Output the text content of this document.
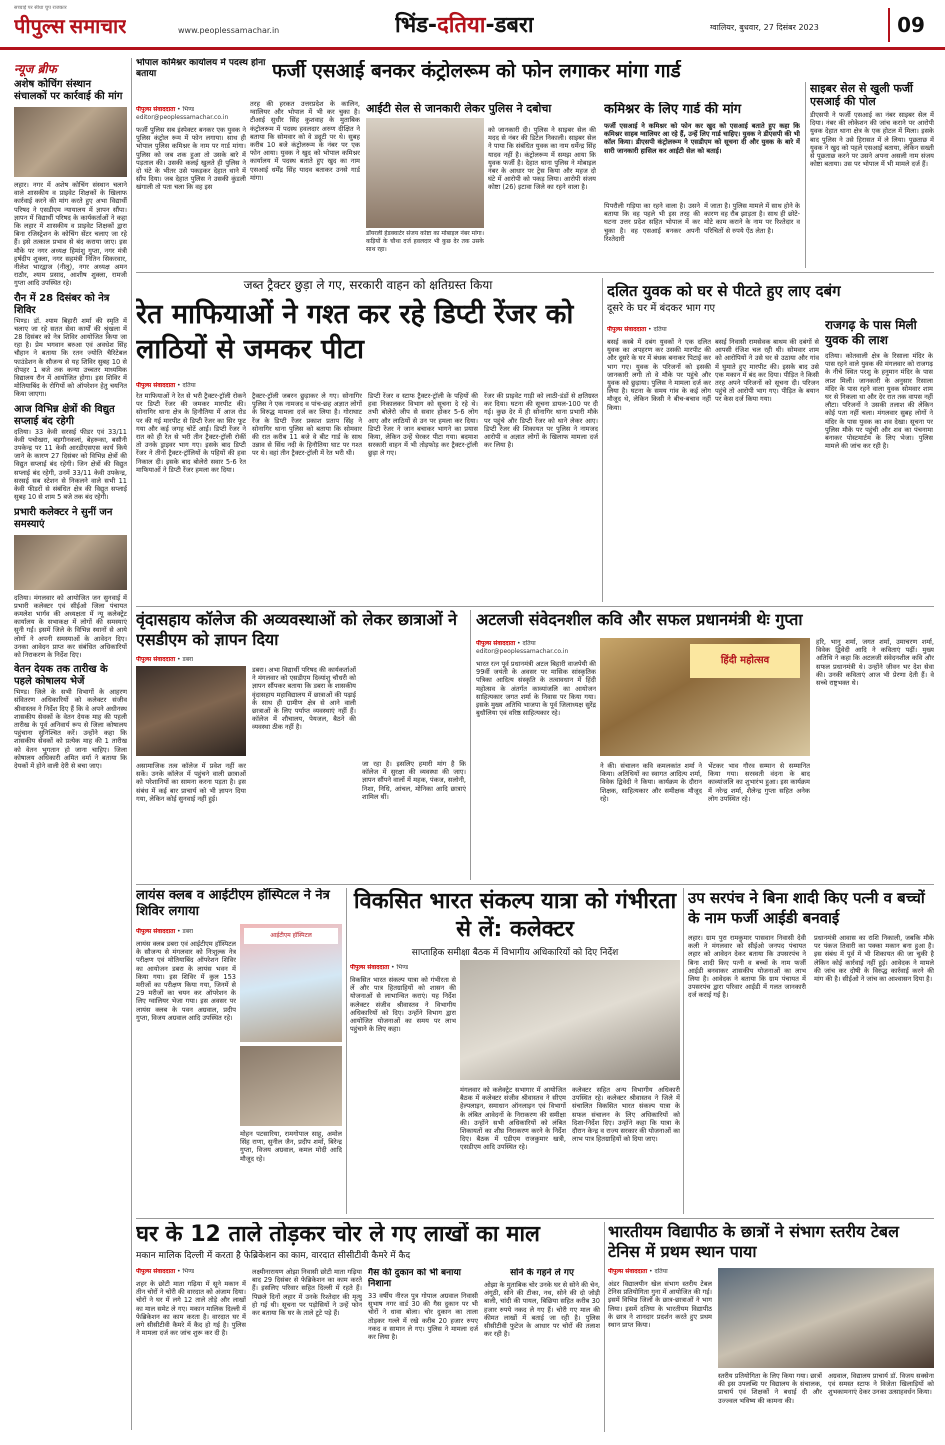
पीपुल्स समाचार
सच्चाई पर सीधा चुप राजकार
www.peoplessamachar.in	भिंड-दतिया-डबरा	ग्वालियर, बुधवार, 27 दिसंबर 2023	09
न्यूज ब्रीफ
अशेष कोचिंग संस्थान संचालकों पर कार्रवाई की मांग
लहार। नगर में अशेष कोचिंग संस्थान चलाने वाले शासकीय व प्राइवेट शिक्षकों के खिलाफ कार्रवाई करने की मांग करते हुए अभा विद्यार्थी परिषद ने एसडीएम न्यायालय में ज्ञापन सौंपा। ज्ञापन में विद्यार्थी परिषद के कार्यकर्ताओं ने कहा कि लहार में शासकीय व प्राइवेट शिक्षकों द्वारा बिना रजिस्ट्रेशन के कोचिंग सेंटर चलाए जा रहे हैं। इसे तत्काल प्रभाव से बंद कराया जाए। इस मौके पर नगर अध्यक्ष हिमांशु गुप्ता, नगर मंत्री हर्षदीप शुक्ला, नगर सहमंत्री नितिन सिकरवार, नीलेश भारद्वाज (नीलू), नगर अध्यक्ष अमन राठौर, श्याम प्रसाद, आशीष शुक्ला, रामजी गुप्ता आदि उपस्थित रहे।
रौन में 28 दिसंबर को नेत्र शिविर
भिण्ड। डॉ. श्याम बिहारी शर्मा की स्मृति में चलाए जा रहे सतत सेवा कार्यों की श्रृंखला में 28 दिसंबर को नेत्र शिविर आयोजित किया जा रहा है। प्रेम भगवान बरुआ एवं अवधेश सिंह चौहान ने बताया कि रतन ज्योति चैरिटेबल फाउंडेशन के सौजन्य से यह शिविर सुबह 10 से दोपहर 1 बजे तक कन्या उच्चतर माध्यमिक विद्यालय रौन में आयोजित होगा। इस शिविर में मोतियाबिंद के रोगियों को ऑपरेशन हेतु चयनित किया जाएगा।
आज विभिन्न क्षेत्रों की विद्युत सप्लाई बंद रहेगी
दतिया। 33 केवी सरसई फीडर एवं 33/11 केवी पचोखरा, बड़गौनकलां, बेहरूका, बसौनी उपकेन्द्र पर 11 केवी आरडीएसएस कार्य किये जाने के कारण 27 दिसंबर को विभिन्न क्षेत्रों की विद्युत सप्लाई बंद रहेगी। जिन क्षेत्रों की विद्युत सप्लाई बंद रहेगी, उनमें 33/11 केवी उपकेन्द्र, सरसई सब स्टेशन से निकलने वाले सभी 11 केवी फीडरों से संबंधित क्षेत्र की विद्युत सप्लाई सुबह 10 से शाम 5 बजे तक बंद रहेगी।
प्रभारी कलेक्टर ने सुनीं जन समस्याएं
दतिया। मंगलवार को आयोजित जन सुनवाई में प्रभारी कलेक्टर एवं सीईओ जिला पंचायत कमलेश भार्गव की अध्यक्षता में न्यू कलेक्ट्रेट कार्यालय के सभाकक्ष में लोगों की समस्याएं सुनी गईं। इसमें जिले के विभिन्न स्थानों से आये लोगों ने अपनी समस्याओं के आवेदन दिए। उनका आवेदन प्राप्त कर संबंधित अधिकारियों को निराकरण के निर्देश दिए।
वेतन देयक तक तारीख के पहले कोषालय भेजें
भिण्ड। जिले के सभी विभागों के आहरण संवितरण अधिकारियों को कलेक्टर संजीव श्रीवास्तव ने निर्देश दिए हैं कि वे अपने अधीनस्थ शासकीय सेवकों के वेतन देयक माह की पहली तारीख के पूर्व अनिवार्य रूप से जिला कोषालय पहुंचाना सुनिश्चित करें। उन्होंने कहा कि शासकीय सेवकों को प्रत्येक माह की 1 तारीख को वेतन भुगतान हो जाना चाहिए। जिला कोषालय अधिकारी अमित वर्मा ने बताया कि देयकों में होने वाली देरी से बचा जाए।
भोपाल कमिश्नर कार्यालय में पदस्थ होना बताया	फर्जी एसआई बनकर कंट्रोलरूम को फोन लगाकर मांगा गार्ड
पीपुल्स संवाददाता • भिण्ड
editor@peoplessamachar.co.in
फर्जी पुलिस सब इंस्पेक्टर बनकर एक युवक ने पुलिस कंट्रोल रूम में फोन लगाया। साथ ही भोपाल पुलिस कमिश्नर के नाम पर गार्ड मांगा। पुलिस को जब शक हुआ तो उसके बारे में पड़ताल की। उसकी कलई खुलते ही पुलिस ने दो घंटे के भीतर उसे पकड़कर देहात थाने में सौंप दिया। जब देहात पुलिस ने उसकी कुंडली खंगाली तो पता चला कि वह इस
तरह की हरकत उत्तरप्रदेश के कालिन, ग्वालियर और भोपाल में भी कर चुका है। टीआई सुधीर सिंह कुशवाह के मुताबिक कंट्रोलरूम में पदस्थ हवलदार अरुण दीक्षित ने बताया कि सोमवार को वे ड्यूटी पर थे। सुबह करीब 10 बजे कंट्रोलरूम के नंबर पर एक फोन आया। युवक ने खुद को भोपाल कमिश्नर कार्यालय में पदस्थ बताते हुए खुद का नाम एसआई धर्मेंद्र सिंह यादव बताकर उनसे गार्ड मांगा।
आईटी सेल से जानकारी लेकर पुलिस ने दबोचा
डॉयरली हेडक्वार्टर संजय कोष्टा का मोबाइल नंबर मांगा। कड़ियों के चौथा दर्ज हवलदार भी कुछ देर तक उसके साथ रहा।
को जानकारी दी। पुलिस ने साइबर सेल की मदद से नंबर की डिटेल निकाली। साइबर सेल ने पाया कि संबंधित युवक का नाम धर्मेन्द्र सिंह यादव नहीं है। कंट्रोलरूम में समझ आया कि युवक फर्जी है। देहात थाना पुलिस ने मोबाइल नंबर के आधार पर ट्रेस किया और महज दो घंटे में आरोपी को पकड़ लिया। आरोपी संजय कोष्टा (26) इटावा जिले का रहने वाला है।
कमिश्नर के लिए गार्ड की मांग
फर्जी एसआई ने कमिश्नर को फोन कर खुद को एसआई बताते हुए कहा कि कमिश्नर साहब ग्वालियर आ रहे हैं, उन्हें लिए गार्ड चाहिए। युवक ने डीएसपी की भी कॉल किया। डीएसपी कंट्रोलरूम ने एसडीएम को सूचना दी और युवक के बारे में सारी जानकारी हासिल कर आईटी सेल को बताई।
पिपरौली गड़िया का रहने वाला है। उसने बताया कि वह पहले भी इस तरह की घटना उत्तर प्रदेश सहित भोपाल में कर चुका है। वह एसआई बनकर अपनी रिश्तेदारी
में जाता है। पुलिस मामले में साथ होने के कारण वह रौब झाड़ता है। साथ ही छोटे-मोटे काम कराने के नाम पर रिश्तेदार व परिचितों से रुपये ऐंठ लेता है।
साइबर सेल से खुली फर्जी एसआई की पोल
डीएसपी ने फर्जी एसआई का नंबर साइबर सेल में दिया। नंबर की लोकेशन की जांच कराने पर आरोपी युवक देहात थाना क्षेत्र के एक होटल में मिला। इसके बाद पुलिस ने उसे हिरासत में ले लिया। पूछताछ में युवक ने खुद को पहले एसआई बताया, लेकिन सख्ती से पूछताछ करने पर उसने अपना असली नाम संजय कोष्टा बताया। उस पर भोपाल में भी मामले दर्ज हैं।
जब्त ट्रैक्टर छुड़ा ले गए, सरकारी वाहन को क्षतिग्रस्त किया
रेत माफियाओं ने गश्त कर रहे डिप्टी रेंजर को लाठियों से जमकर पीटा
पीपुल्स संवाददाता • दतिया
रेत माफियाओं ने रेत से भरी ट्रैक्टर-ट्रॉली रोकने पर डिप्टी रेंजर की जमकर मारपीट की। सोनागिर थाना क्षेत्र के हिनौतिया में आज रोड पर की गई मारपीट से डिप्टी रेंजर का सिर फूट गया और कई जगह चोटें आईं। डिप्टी रेंजर ने रात को ही रेत से भरी तीन ट्रैक्टर-ट्रॉली रोकीं तो उनके ड्राइवर भाग गए। इसके बाद डिप्टी रेंजर ने तीनों ट्रैक्टर-ट्रॉलियों के पहियों की हवा निकाल दी। इसके बाद बोलेरो सवार 5-6 रेत माफियाओं ने डिप्टी रेंजर हमला कर दिया।
ट्रैक्टर-ट्रॉली जबरन छुड़ाकर ले गए। सोनागिर पुलिस ने एक नामजद व पांच-छह अज्ञात लोगों के विरुद्ध मामला दर्ज कर लिया है। गोराघाट रेंज के डिप्टी रेंजर प्रकाश प्रताप सिंह ने सोनागिर थाना पुलिस को बताया कि सोमवार की रात करीब 11 बजे वे बीट गार्ड के साथ उन्नाव से सिंध नदी के हिनौतिया घाट पर गश्त पर थे। वहां तीन ट्रैक्टर-ट्रॉली में रेत भरी थी।
डिप्टी रेंजर व स्टाफ ट्रैक्टर-ट्रॉली के पहियों की हवा निकालकर विभाग को सूचना दे रहे थे। तभी बोलेरो जीप से सवार होकर 5-6 लोग आए और लाठियों से उन पर हमला कर दिया। डिप्टी रेंजर ने जान बचाकर भागने का प्रयास किया, लेकिन उन्हें घेरकर पीटा गया। बदमाश सरकारी वाहन में भी तोड़फोड़ कर ट्रैक्टर-ट्रॉली छुड़ा ले गए।
रेंजर की प्राइवेट गाड़ी को लाठी-डंडों से क्षतिग्रस्त कर दिया। घटना की सूचना डायल-100 पर दी गई। कुछ देर में ही सोनागिर थाना प्रभारी मौके पर पहुंचे और डिप्टी रेंजर को थाने लेकर आए। डिप्टी रेंजर की शिकायत पर पुलिस ने नामजद आरोपी व अज्ञात लोगों के खिलाफ मामला दर्ज कर लिया है।
दलित युवक को घर से पीटते हुए लाए दबंग
दूसरे के घर में बंदकर भाग गए
पीपुल्स संवाददाता • दतिया
बसई कस्बे में दबंग युवकों ने एक दलित युवक का अपहरण कर उसकी मारपीट की और दूसरे के घर में बंधक बनाकर पिटाई कर भाग गए। युवक के परिजनों को इसकी जानकारी लगी तो वे मौके पर पहुंचे और युवक को छुड़ाया। पुलिस ने मामला दर्ज कर लिया है। घटना के समय गांव के कई लोग मौजूद थे, लेकिन किसी ने बीच-बचाव नहीं किया।
बसई निवासी रामसेवक बाथम की दबंगों से आपसी रंजिश चल रही थी। सोमवार शाम को आरोपियों ने उसे घर से उठाया और गांव में घुमाते हुए मारपीट की। इसके बाद उसे एक मकान में बंद कर दिया। पीड़ित ने किसी तरह अपने परिजनों को सूचना दी। परिजन पहुंचे तो आरोपी भाग गए। पीड़ित के बयान पर केस दर्ज किया गया।
राजगढ़ के पास मिली युवक की लाश
दतिया। कोतवाली क्षेत्र के रिसाला मंदिर के पास रहने वाले युवक की मंगलवार को राजगढ़ के नीचे स्थित परशु के हनुमान मंदिर के पास लाश मिली। जानकारी के अनुसार रिसाला मंदिर के पास रहने वाला युवक सोमवार शाम घर से निकला था और देर रात तक वापस नहीं लौटा। परिजनों ने उसकी तलाश की लेकिन कोई पता नहीं चला। मंगलवार सुबह लोगों ने मंदिर के पास युवक का शव देखा। सूचना पर पुलिस मौके पर पहुंची और शव का पंचनामा बनाकर पोस्टमार्टम के लिए भेजा। पुलिस मामले की जांच कर रही है।
वृंदासहाय कॉलेज की अव्यवस्थाओं को लेकर छात्राओं ने एसडीएम को ज्ञापन दिया
पीपुल्स संवाददाता • डबरा
डबरा। अभा विद्यार्थी परिषद की कार्यकर्ताओं ने मंगलवार को एसडीएम दिव्यांशु चौधरी को ज्ञापन सौंपकर बताया कि डबरा के शासकीय वृंदासहाय महाविद्यालय में छात्राओं की पढ़ाई के साथ ही ग्रामीण क्षेत्र से आने वाली छात्राओं के लिए पर्याप्त व्यवस्थाएं नहीं हैं। कॉलेज में शौचालय, पेयजल, बैठने की व्यवस्था ठीक नहीं है।
असामाजिक तत्व कॉलेज में प्रवेश नहीं कर सकें। उनके कॉलेज में पहुंचने वाली छात्राओं को परेशानियों का सामना करना पड़ता है। इस संबंध में कई बार प्राचार्य को भी ज्ञापन दिया गया, लेकिन कोई सुनवाई नहीं हुई।
जा रहा है। इसलिए हमारी मांग है कि कॉलेज में सुरक्षा की व्यवस्था की जाए। ज्ञापन सौंपने वालों में महक, पंकज, सलोनी, निशा, निधि, आंचल, मोनिका आदि छात्राएं शामिल थीं।
अटलजी संवेदनशील कवि और सफल प्रधानमंत्री थेः गुप्ता
पीपुल्स संवाददाता • दतिया
editor@peoplessamachar.co.in
भारत रत्न पूर्व प्रधानमंत्री अटल बिहारी वाजपेयी की 99वीं जयंती के अवसर पर मासिक सांस्कृतिक पत्रिका आदित्य संस्कृति के तत्वावधान में हिंदी महोत्सव के अंतर्गत काव्यांजलि का आयोजन साहित्यकार जगत शर्मा के निवास पर किया गया। इसके मुख्य अतिथि भाजपा के पूर्व जिलाध्यक्ष सुरेंद्र बुधौलिया एवं वरिष्ठ साहित्यकार रहे।
हिंदी महोत्सव
ने की। संचालन कवि कमलकांत शर्मा ने किया। अतिथियों का स्वागत आदित्य शर्मा, विवेक द्विवेदी ने किया। कार्यक्रम के दौरान शिक्षक, साहित्यकार और समीक्षक मौजूद रहे।
भेंटकर भाव गौरव सम्मान से सम्मानित किया गया। सरस्वती वंदना के बाद काव्यांजलि का शुभारंभ हुआ। इस कार्यक्रम में नरेन्द्र शर्मा, शैलेन्द्र गुप्ता सहित अनेक लोग उपस्थित रहे।
हरि, भानु शर्मा, जगत शर्मा, उमाचरण शर्मा, विवेक द्विवेदी आदि ने कविताएं पढ़ीं। मुख्य अतिथि ने कहा कि अटलजी संवेदनशील कवि और सफल प्रधानमंत्री थे। उन्होंने जीवन भर देश सेवा की। उनकी कविताएं आज भी प्रेरणा देती हैं। वे सच्चे राष्ट्रभक्त थे।
लायंस क्लब व आईटीएम हॉस्पिटल ने नेत्र शिविर लगाया
पीपुल्स संवाददाता • डबरा
लायंस क्लब डबरा एवं आईटीएम हॉस्पिटल के सौजन्य से मंगलवार को निःशुल्क नेत्र परीक्षण एवं मोतियाबिंद ऑपरेशन शिविर का आयोजन डबरा के लायंस भवन में किया गया। इस शिविर में कुल 153 मरीजों का परीक्षण किया गया, जिनमें से 29 मरीजों का चयन कर ऑपरेशन के लिए ग्वालियर भेजा गया। इस अवसर पर लायंस क्लब के पवन अग्रवाल, प्रदीप गुप्ता, विजय अग्रवाल आदि उपस्थित रहे।
आईटीएम हॉस्पिटल
मोहन पटसारिया, रामगोपाल साहू, अमोल सिंह राणा, सुनील जैन, प्रदीप शर्मा, बिरेन्द्र गुप्ता, विजय अग्रवाल, कमल मोदी आदि मौजूद रहे।
विकसित भारत संकल्प यात्रा को गंभीरता से लें: कलेक्टर
साप्ताहिक समीक्षा बैठक में विभागीय अधिकारियों को दिए निर्देश
पीपुल्स संवाददाता • भिण्ड
विकसित भारत संकल्प यात्रा को गंभीरता से लें और पात्र हितग्राहियों को शासन की योजनाओं से लाभान्वित कराएं। यह निर्देश कलेक्टर संजीव श्रीवास्तव ने विभागीय अधिकारियों को दिए। उन्होंने विभाग द्वारा आयोजित योजनाओं का समय पर लाभ पहुंचाने के लिए कहा।
मंगलवार को कलेक्ट्रेट सभागार में आयोजित बैठक में कलेक्टर संजीव श्रीवास्तव ने सीएम हेल्पलाइन, समाधान ऑनलाइन एवं विभागों के लंबित आवेदनों के निराकरण की समीक्षा की। उन्होंने सभी अधिकारियों को लंबित शिकायतों का शीघ्र निराकरण करने के निर्देश दिए। बैठक में एडीएम राजकुमार खत्री, एसडीएम आदि उपस्थित रहे।
कलेक्टर सहित अन्य विभागीय अधिकारी उपस्थित रहे। कलेक्टर श्रीवास्तव ने जिले में संचालित विकसित भारत संकल्प यात्रा के सफल संचालन के लिए अधिकारियों को दिशा-निर्देश दिए। उन्होंने कहा कि यात्रा के दौरान केन्द्र व राज्य सरकार की योजनाओं का लाभ पात्र हितग्राहियों को दिया जाए।
उप सरपंच ने बिना शादी किए पत्नी व बच्चों के नाम फर्जी आईडी बनवाई
लहार। ग्राम पुरा रामकुमार पासवान निवासी देवी कली ने मंगलवार को सीईओ जनपद पंचायत लहार को आवेदन देकर बताया कि उपसरपंच ने बिना शादी किए पत्नी व बच्चों के नाम फर्जी आईडी बनवाकर शासकीय योजनाओं का लाभ लिया है। आवेदक ने बताया कि ग्राम पंचायत में उपसरपंच द्वारा परिवार आईडी में गलत जानकारी दर्ज कराई गई है।
प्रधानमंत्री आवास का राशि निकाली, जबकि मौके पर पंकज तिवारी का पक्का मकान बना हुआ है। इस संबंध में पूर्व में भी शिकायत की जा चुकी है लेकिन कोई कार्रवाई नहीं हुई। आवेदक ने मामले की जांच कर दोषी के विरुद्ध कार्रवाई करने की मांग की है। सीईओ ने जांच का आश्वासन दिया है।
घर के 12 ताले तोड़कर चोर ले गए लाखों का माल
मकान मालिक दिल्ली में करता है फेब्रिकेशन का काम, वारदात सीसीटीवी कैमरे में कैद
पीपुल्स संवाददाता • भिण्ड
शहर के छोटी माता गढ़िया में सूने मकान में तीन चोरों ने चोरी की वारदात को अंजाम दिया। चोरों ने घर में लगे 12 ताले तोड़े और लाखों का माल समेट ले गए। मकान मालिक दिल्ली में फेब्रिकेशन का काम करता है। वारदात घर में लगे सीसीटीवी कैमरे में कैद हो गई है। पुलिस ने मामला दर्ज कर जांच शुरू कर दी है।
लक्ष्मीनारायण ओझा निवासी छोटी माता गढ़िया बाद 29 दिसंबर से फेब्रिकेशन का काम करते हैं। इसलिए परिवार सहित दिल्ली में रहते हैं। पिछले दिनों लहार में उनके रिश्तेदार की मृत्यु हो गई थी। सूचना पर पड़ोसियों ने उन्हें फोन कर बताया कि घर के ताले टूटे पड़े हैं।
गैस की दुकान को भी बनाया निशाना
33 वर्षीय नीरज पुत्र गोपाल अग्रवाल निवासी सुभाष नगर वार्ड 30 की गैस दुकान पर भी चोरों ने धावा बोला। चोर दुकान का ताला तोड़कर गल्ले में रखे करीब 20 हजार रुपए नकद व सामान ले गए। पुलिस ने मामला दर्ज कर लिया है।
सोने के गहने ले गए
ओझा के मुताबिक चोर उनके घर से सोने की चेन, अंगूठी, सोने की टीका, नथ, सोने की दो जोड़ी बाली, चांदी की पायल, बिछिया सहित करीब 30 हजार रुपये नकद ले गए हैं। चोरी गए माल की कीमत लाखों में बताई जा रही है। पुलिस सीसीटीवी फुटेज के आधार पर चोरों की तलाश कर रही है।
भारतीयम विद्यापीठ के छात्रों ने संभाग स्तरीय टेबल टेनिस में प्रथम स्थान पाया
पीपुल्स संवाददाता • दतिया
अंडर विद्यालयीन खेल संभाग स्तरीय टेबल टेनिस प्रतियोगिता गुना में आयोजित की गई। इसमें विभिन्न जिलों के छात्र-छात्राओं ने भाग लिया। इसमें दतिया के भारतीयम विद्यापीठ के छात्र ने शानदार प्रदर्शन करते हुए प्रथम स्थान प्राप्त किया।
स्तरीय प्रतियोगिता के लिए किया गया। छात्रों की इस उपलब्धि पर विद्यालय के संचालक, प्राचार्य एवं शिक्षकों ने बधाई दी और उज्ज्वल भविष्य की कामना की।
अग्रवाल, विद्यालय प्राचार्य डॉ. विजय सक्सेना एवं समस्त स्टाफ ने विजेता खिलाड़ियों को शुभकामनाएं देकर उनका उत्साहवर्धन किया।
